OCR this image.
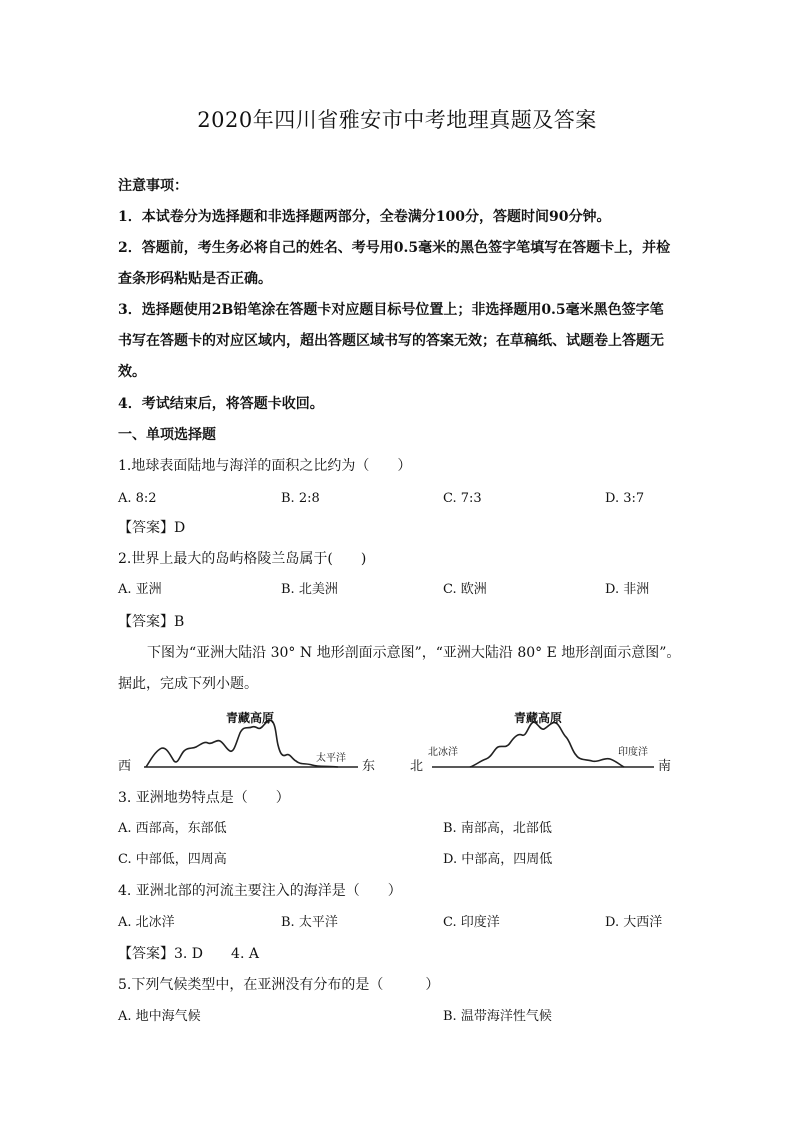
2020年四川省雅安市中考地理真题及答案
注意事项：
1．本试卷分为选择题和非选择题两部分，全卷满分100分，答题时间90分钟。
2．答题前，考生务必将自己的姓名、考号用0.5毫米的黑色签字笔填写在答题卡上，并检
查条形码粘贴是否正确。
3．选择题使用2B铅笔涂在答题卡对应题目标号位置上；非选择题用0.5毫米黑色签字笔
书写在答题卡的对应区域内，超出答题区域书写的答案无效；在草稿纸、试题卷上答题无
效。
4．考试结束后，将答题卡收回。
一、单项选择题
1.地球表面陆地与海洋的面积之比约为（　　）
A. 8:2	B. 2:8	C. 7:3	D. 3:7
【答案】D
2.世界上最大的岛屿格陵兰岛属于(　　)
A. 亚洲	B. 北美洲	C. 欧洲	D. 非洲
【答案】B
下图为“亚洲大陆沿 30° N 地形剖面示意图”，“亚洲大陆沿 80° E 地形剖面示意图”。
据此，完成下列小题。
青藏高原
西	东
太平洋
青藏高原
北	南
北冰洋	印度洋
3. 亚洲地势特点是（　　）
A. 西部高，东部低	B. 南部高，北部低
C. 中部低，四周高	D. 中部高，四周低
4. 亚洲北部的河流主要注入的海洋是（　　）
A. 北冰洋	B. 太平洋	C. 印度洋	D. 大西洋
【答案】3. D　　4. A
5.下列气候类型中，在亚洲没有分布的是（　　　）
A. 地中海气候	B. 温带海洋性气候
